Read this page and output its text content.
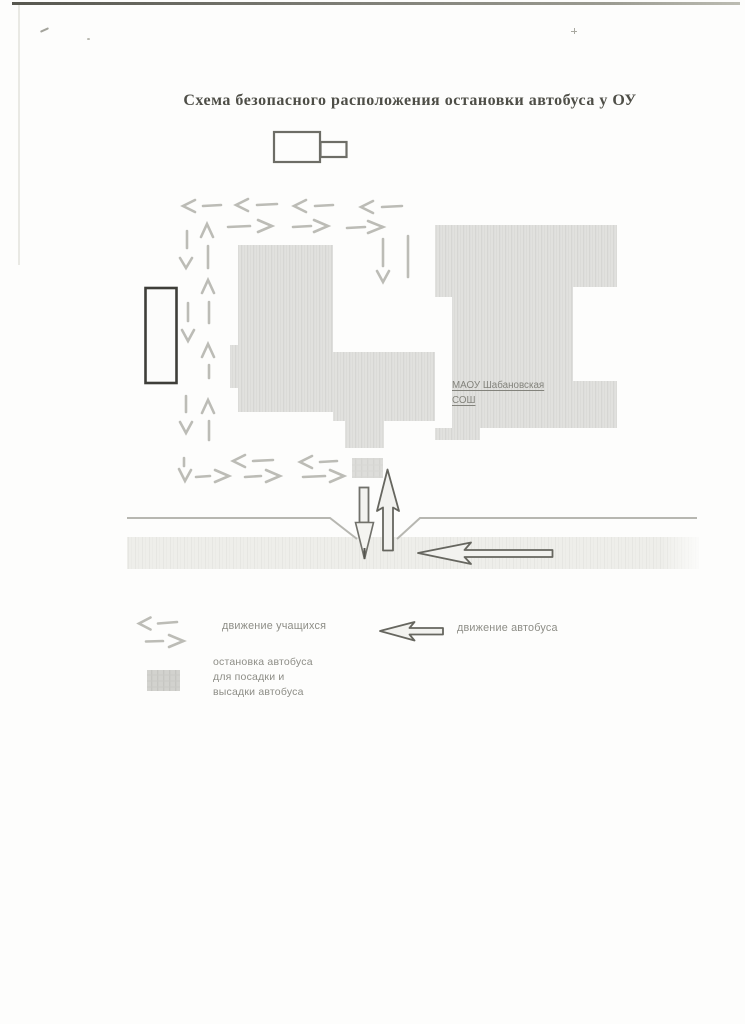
Схема безопасного расположения остановки автобуса у ОУ
МАОУ Шабановская
СОШ
движение учащихся	движение автобуса
остановка автобуса
для посадки и
высадки автобуса
